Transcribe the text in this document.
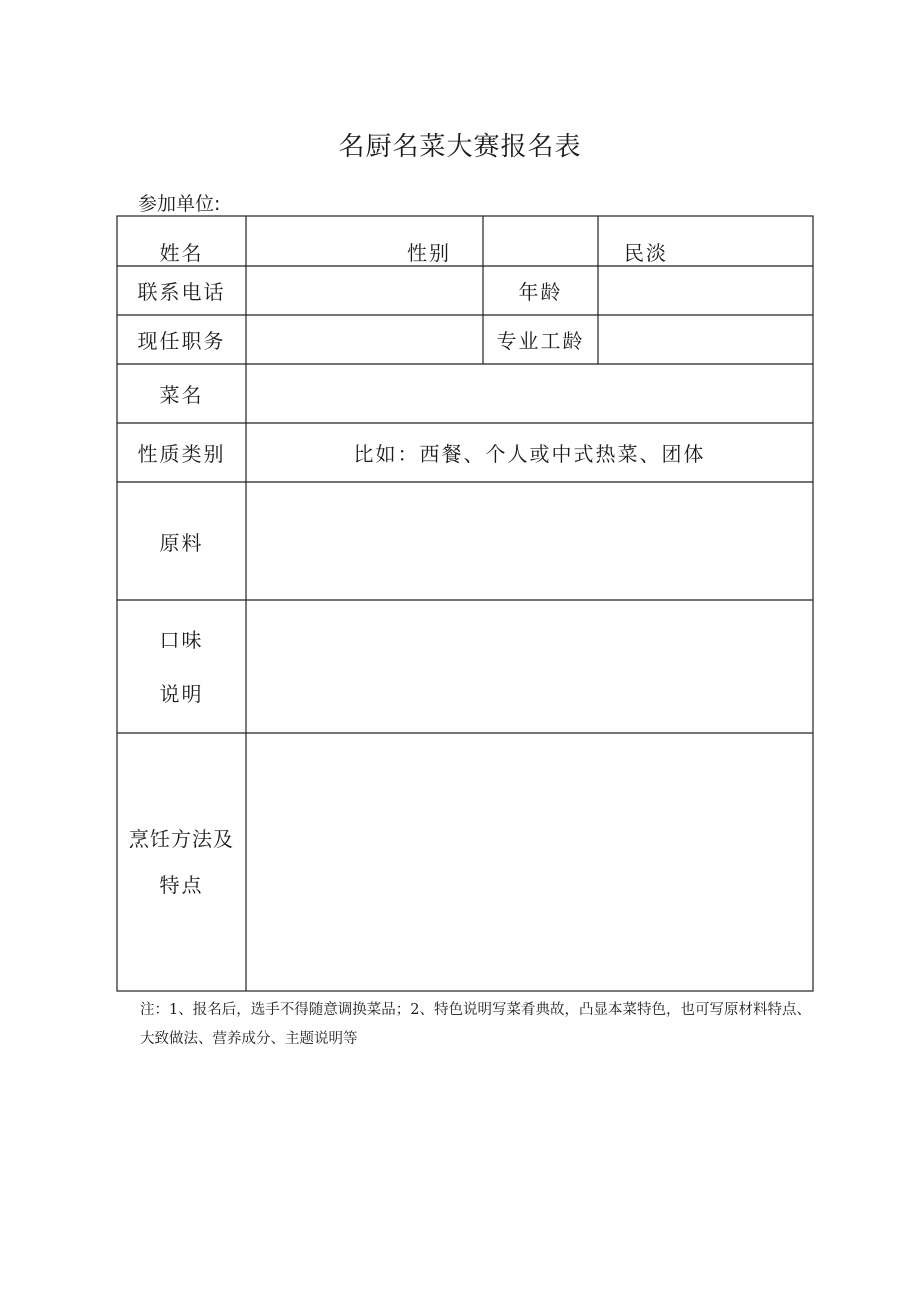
名厨名菜大赛报名表
参加单位:
姓名	性别	民淡
联系电话	年龄
现任职务	专业工龄
菜名
性质类别	比如：西餐、个人或中式热菜、团体
原料
口味
说明
烹饪方法及
特点
注：1、报名后，选手不得随意调换菜品；2、特色说明写菜肴典故，凸显本菜特色，也可写原材料特点、大致做法、营养成分、主题说明等
